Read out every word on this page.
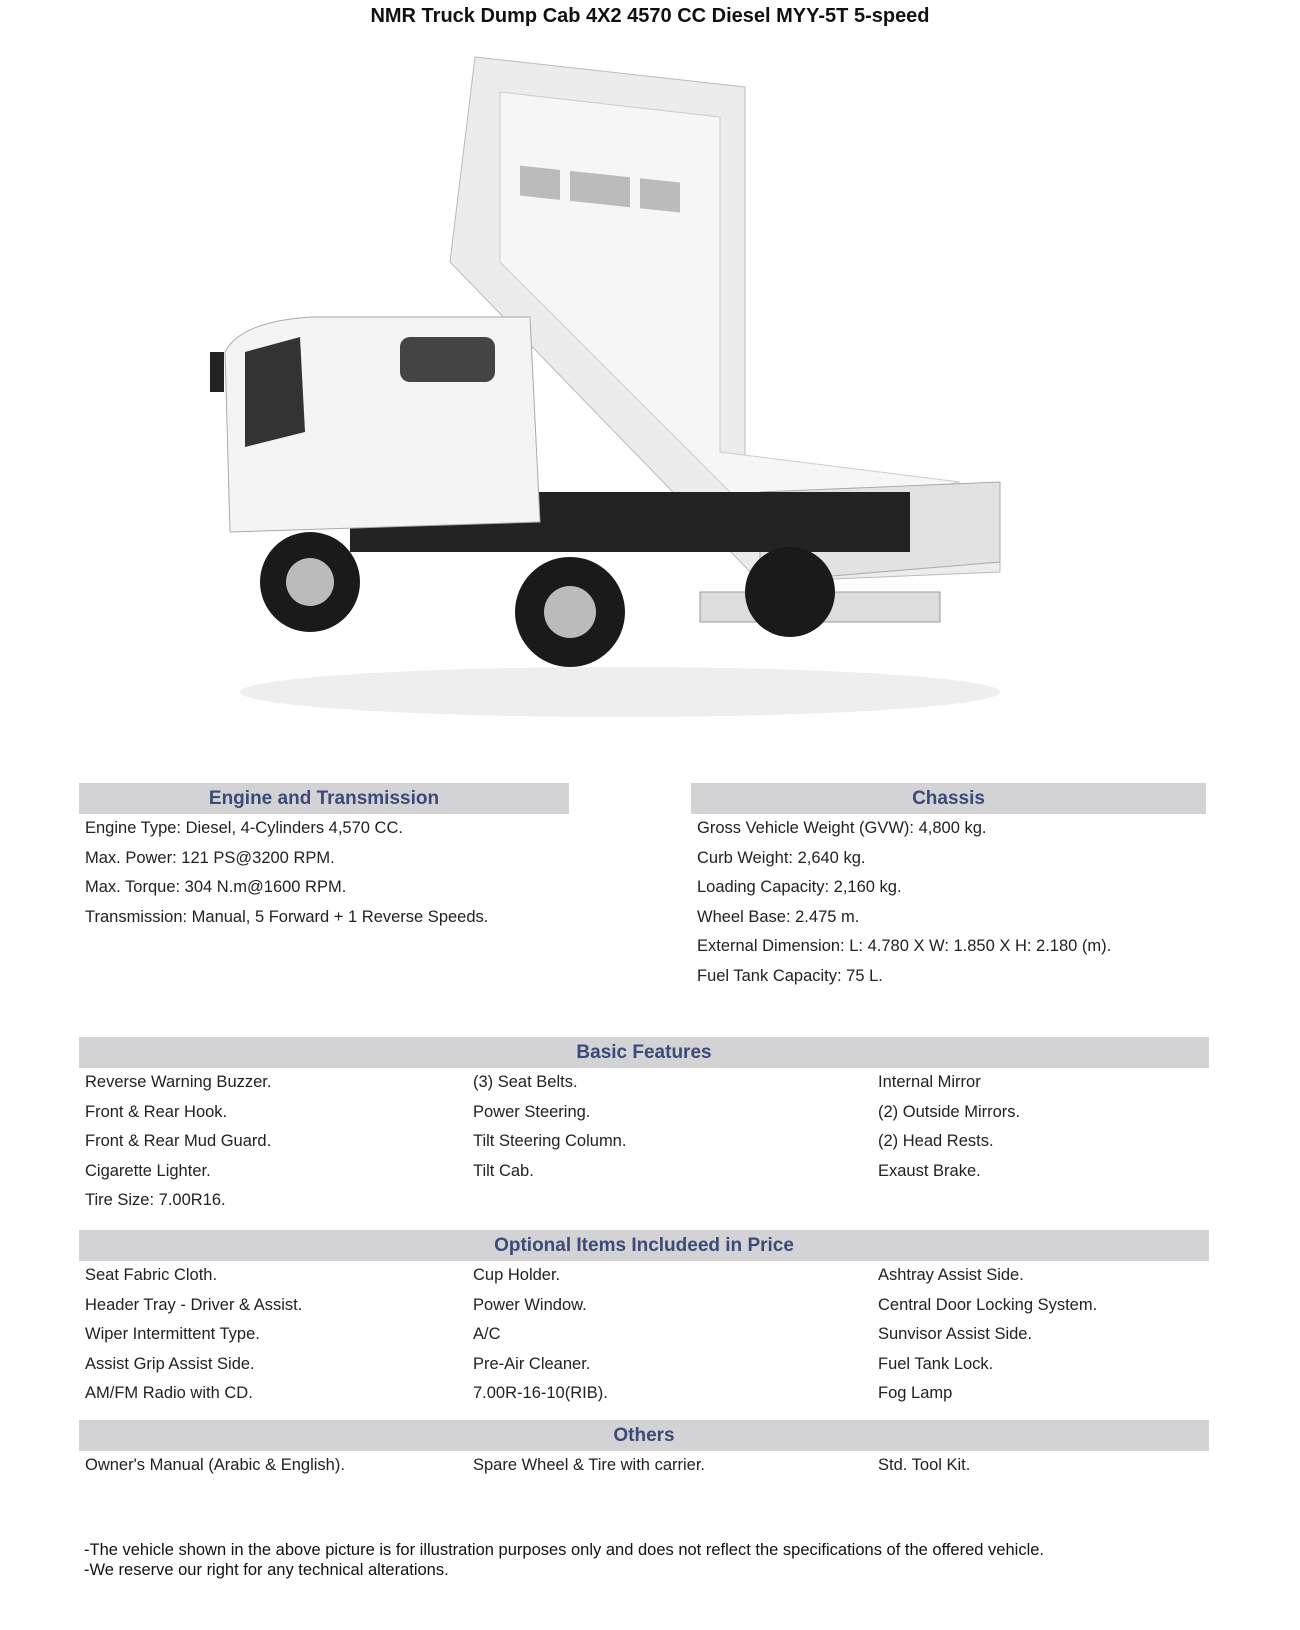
NMR Truck Dump Cab 4X2 4570 CC Diesel MYY-5T 5-speed
Engine and Transmission
Engine Type: Diesel, 4-Cylinders 4,570 CC.
Max. Power: 121 PS@3200 RPM.
Max. Torque: 304 N.m@1600 RPM.
Transmission: Manual, 5 Forward + 1 Reverse Speeds.
Chassis
Gross Vehicle Weight (GVW): 4,800 kg.
Curb Weight: 2,640 kg.
Loading Capacity: 2,160 kg.
Wheel Base: 2.475 m.
External Dimension: L: 4.780 X W: 1.850 X H: 2.180 (m).
Fuel Tank Capacity: 75 L.
Basic Features
Reverse Warning Buzzer.
Front & Rear Hook.
Front & Rear Mud Guard.
Cigarette Lighter.
Tire Size: 7.00R16.
(3) Seat Belts.
Power Steering.
Tilt Steering Column.
Tilt Cab.
Internal Mirror
(2) Outside Mirrors.
(2) Head Rests.
Exaust Brake.
Optional Items Includeed in Price
Seat Fabric Cloth.
Header Tray - Driver & Assist.
Wiper Intermittent Type.
Assist Grip Assist Side.
AM/FM Radio with CD.
Cup Holder.
Power Window.
A/C
Pre-Air Cleaner.
7.00R-16-10(RIB).
Ashtray Assist Side.
Central Door Locking System.
Sunvisor Assist Side.
Fuel Tank Lock.
Fog Lamp
Others
Owner's Manual (Arabic & English).	Spare Wheel & Tire with carrier.	Std. Tool Kit.
-The vehicle shown in the above picture is for illustration purposes only and does not reflect the specifications of the offered vehicle.
-We reserve our right for any technical alterations.
